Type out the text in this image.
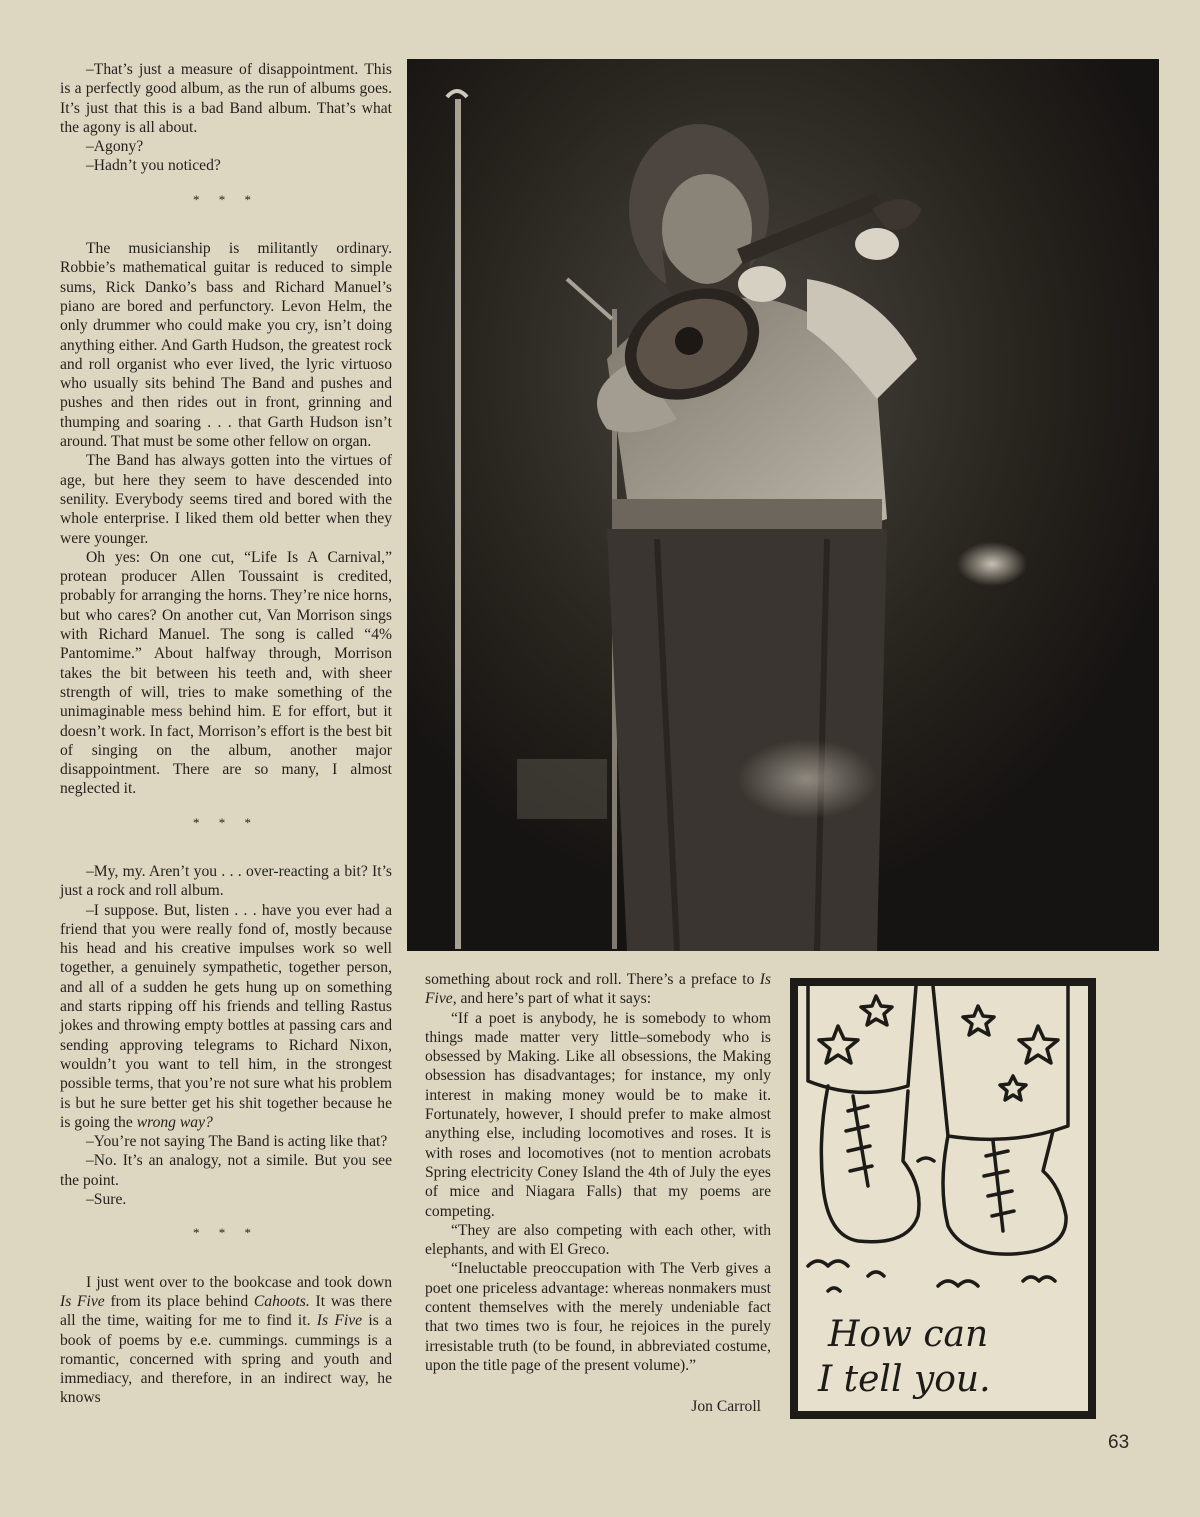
–That’s just a measure of disappointment. This is a perfectly good album, as the run of albums goes. It’s just that this is a bad Band album. That’s what the agony is all about.

–Agony?

–Hadn’t you noticed?

* * *

The musicianship is militantly ordinary. Robbie’s mathematical guitar is reduced to simple sums, Rick Danko’s bass and Richard Manuel’s piano are bored and perfunctory. Levon Helm, the only drummer who could make you cry, isn’t doing anything either. And Garth Hudson, the greatest rock and roll organist who ever lived, the lyric virtuoso who usually sits behind The Band and pushes and pushes and then rides out in front, grinning and thumping and soaring . . . that Garth Hudson isn’t around. That must be some other fellow on organ.

The Band has always gotten into the virtues of age, but here they seem to have descended into senility. Everybody seems tired and bored with the whole enterprise. I liked them old better when they were younger.

Oh yes: On one cut, “Life Is A Carnival,” protean producer Allen Toussaint is credited, probably for arranging the horns. They’re nice horns, but who cares? On another cut, Van Morrison sings with Richard Manuel. The song is called “4% Pantomime.” About halfway through, Morrison takes the bit between his teeth and, with sheer strength of will, tries to make something of the unimaginable mess behind him. E for effort, but it doesn’t work. In fact, Morrison’s effort is the best bit of singing on the album, another major disappointment. There are so many, I almost neglected it.

* * *

–My, my. Aren’t you . . . over-reacting a bit? It’s just a rock and roll album.

–I suppose. But, listen . . . have you ever had a friend that you were really fond of, mostly because his head and his creative impulses work so well together, a genuinely sympathetic, together person, and all of a sudden he gets hung up on something and starts ripping off his friends and telling Rastus jokes and throwing empty bottles at passing cars and sending approving telegrams to Richard Nixon, wouldn’t you want to tell him, in the strongest possible terms, that you’re not sure what his problem is but he sure better get his shit together because he is going the wrong way?

–You’re not saying The Band is acting like that?

–No. It’s an analogy, not a simile. But you see the point.

–Sure.

* * *

I just went over to the bookcase and took down Is Five from its place behind Cahoots. It was there all the time, waiting for me to find it. Is Five is a book of poems by e.e. cummings. cummings is a romantic, concerned with spring and youth and immediacy, and therefore, in an indirect way, he knows

something about rock and roll. There’s a preface to Is Five, and here’s part of what it says:

“If a poet is anybody, he is somebody to whom things made matter very little–somebody who is obsessed by Making. Like all obsessions, the Making obsession has disadvantages; for instance, my only interest in making money would be to make it. Fortunately, however, I should prefer to make almost anything else, including locomotives and roses. It is with roses and locomotives (not to mention acrobats Spring electricity Coney Island the 4th of July the eyes of mice and Niagara Falls) that my poems are competing.

“They are also competing with each other, with elephants, and with El Greco.

“Ineluctable preoccupation with The Verb gives a poet one priceless advantage: whereas nonmakers must content themselves with the merely undeniable fact that two times two is four, he rejoices in the purely irresistable truth (to be found, in abbreviated costume, upon the title page of the present volume).”

Jon Carroll

How can
I tell you.
63
